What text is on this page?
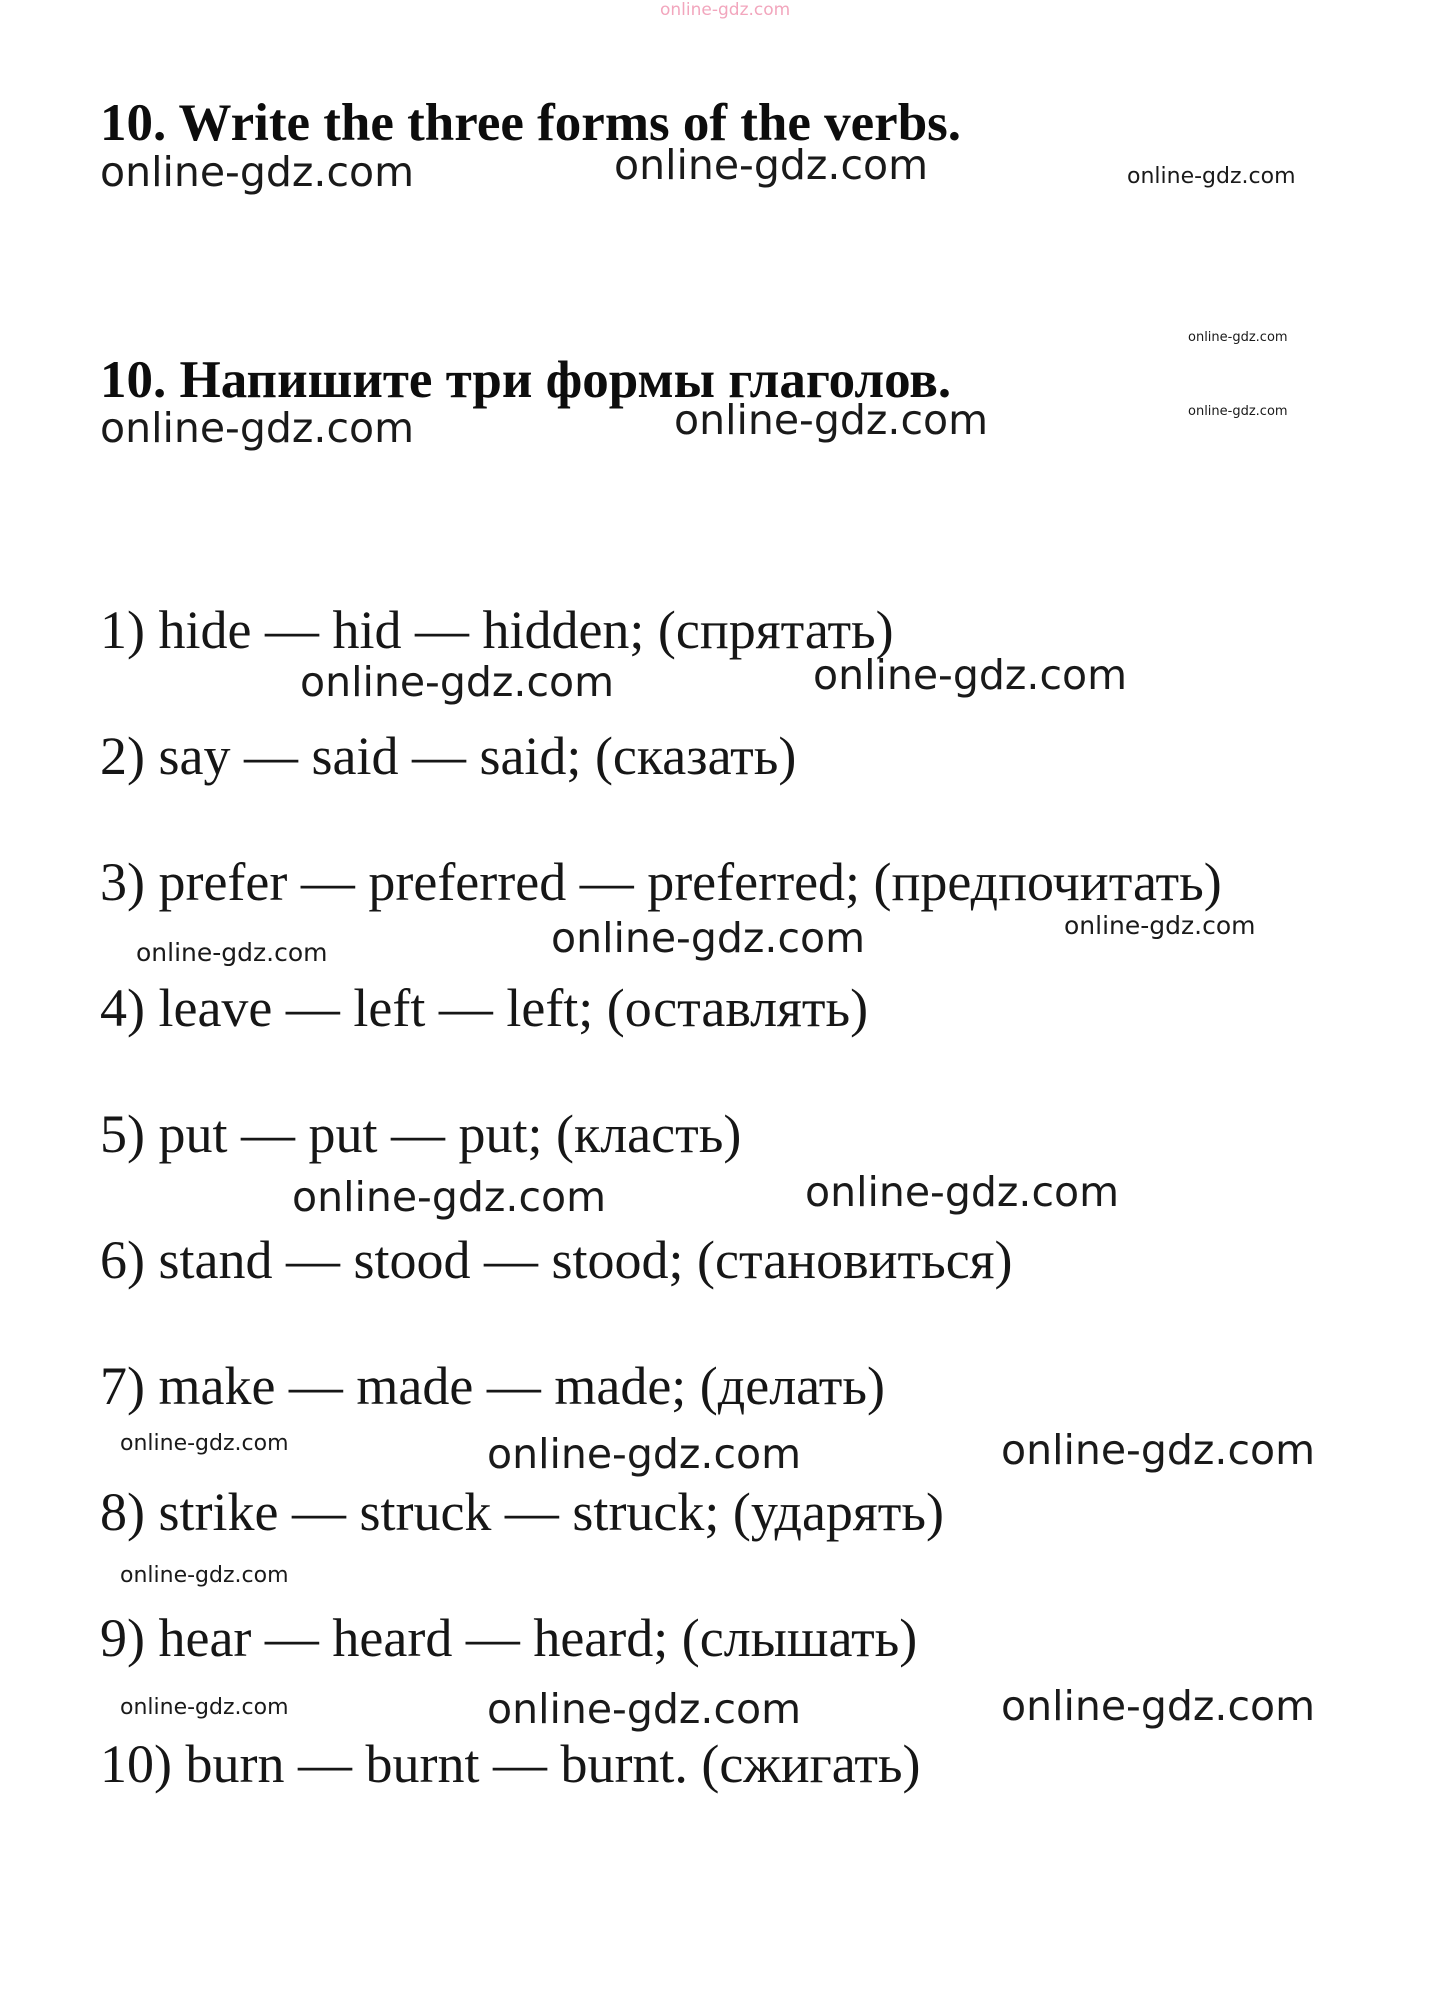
online-gdz.com
10. Write the three forms of the verbs.
10. Напишите три формы глаголов.
1) hide — hid — hidden; (спрятать)
2) say — said — said; (сказать)
3) prefer — preferred — preferred; (предпочитать)
4) leave — left — left; (оставлять)
5) put — put — put; (класть)
6) stand — stood — stood; (становиться)
7) make — made — made; (делать)
8) strike — struck — struck; (ударять)
9) hear — heard — heard; (слышать)
10) burn — burnt — burnt. (сжигать)
online-gdz.com	online-gdz.com	online-gdz.com
online-gdz.com
online-gdz.com
online-gdz.com	online-gdz.com
online-gdz.com	online-gdz.com
online-gdz.com	online-gdz.com	online-gdz.com
online-gdz.com	online-gdz.com
online-gdz.com	online-gdz.com	online-gdz.com
online-gdz.com
online-gdz.com	online-gdz.com	online-gdz.com
